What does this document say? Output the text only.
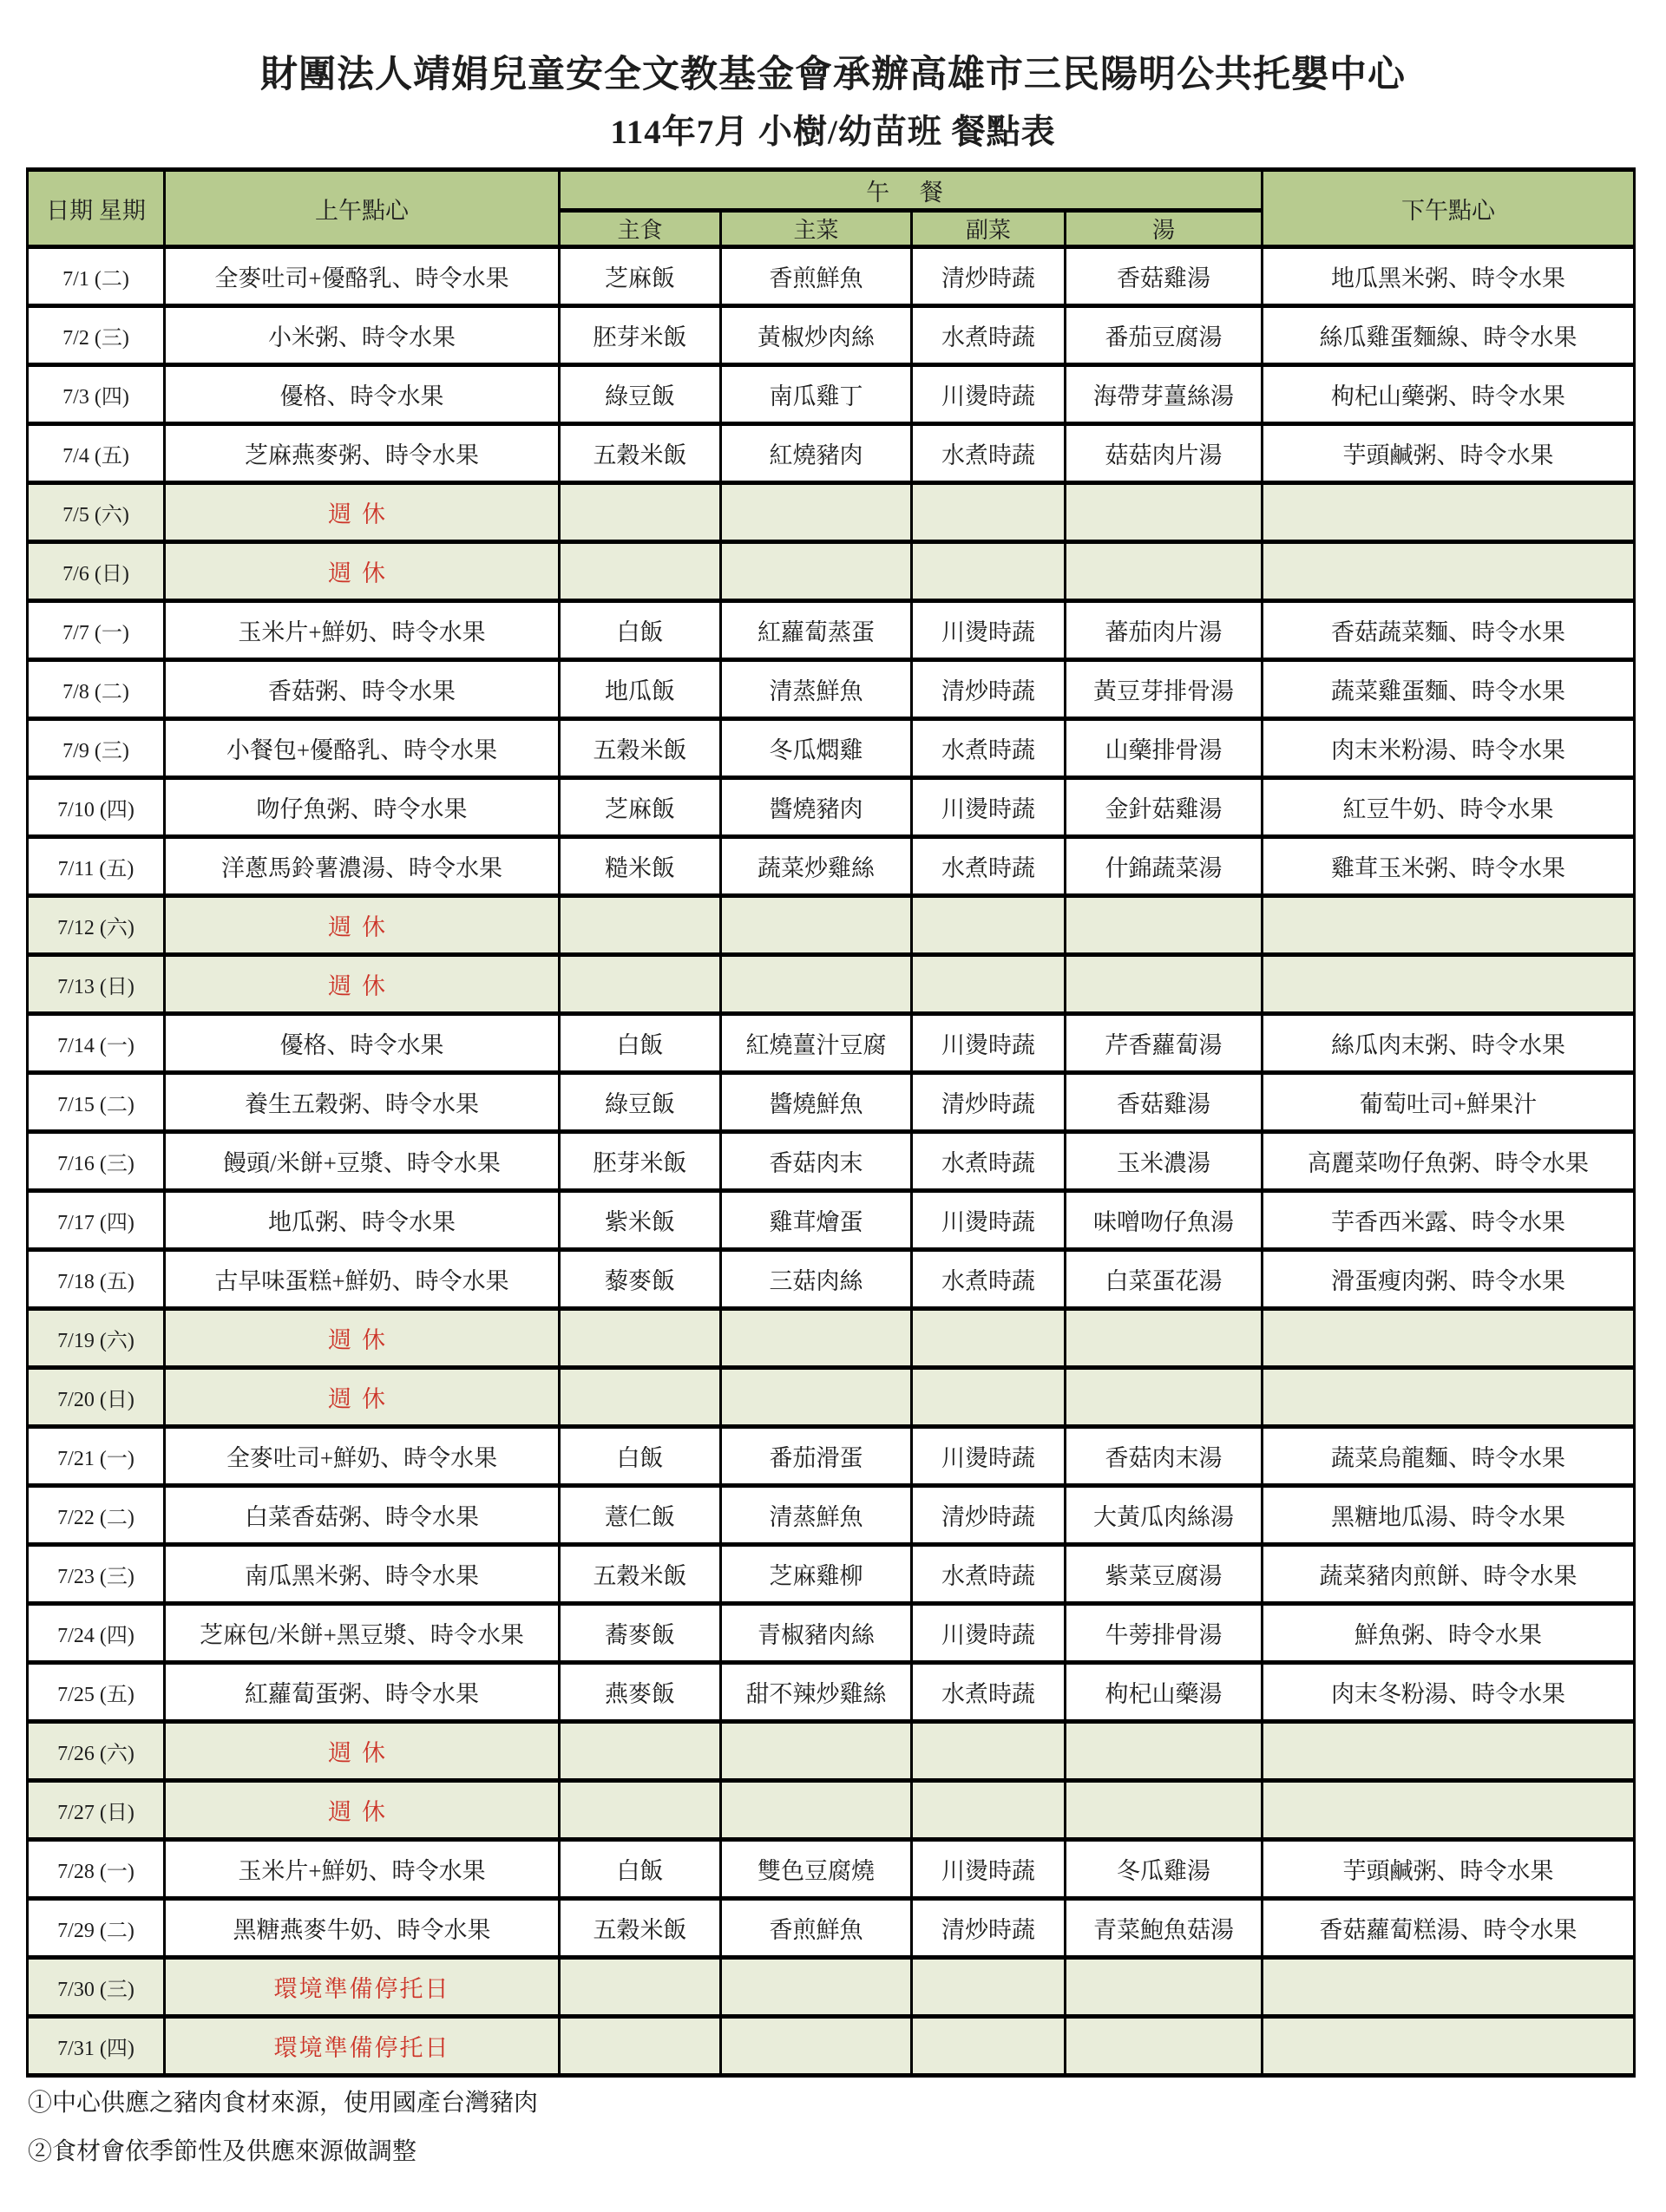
財團法人靖娟兒童安全文教基金會承辦高雄市三民陽明公共托嬰中心
114年7月 小樹/幼苗班 餐點表
日期 星期	上午點心	午 餐				下午點心
		主食	主菜	副菜	湯	
7/1 (二)	全麥吐司+優酪乳、時令水果	芝麻飯	香煎鮮魚	清炒時蔬	香菇雞湯	地瓜黑米粥、時令水果
7/2 (三)	小米粥、時令水果	胚芽米飯	黃椒炒肉絲	水煮時蔬	番茄豆腐湯	絲瓜雞蛋麵線、時令水果
7/3 (四)	優格、時令水果	綠豆飯	南瓜雞丁	川燙時蔬	海帶芽薑絲湯	枸杞山藥粥、時令水果
7/4 (五)	芝麻燕麥粥、時令水果	五穀米飯	紅燒豬肉	水煮時蔬	菇菇肉片湯	芋頭鹹粥、時令水果
7/5 (六)	週休					
7/6 (日)	週休					
7/7 (一)	玉米片+鮮奶、時令水果	白飯	紅蘿蔔蒸蛋	川燙時蔬	蕃茄肉片湯	香菇蔬菜麵、時令水果
7/8 (二)	香菇粥、時令水果	地瓜飯	清蒸鮮魚	清炒時蔬	黃豆芽排骨湯	蔬菜雞蛋麵、時令水果
7/9 (三)	小餐包+優酪乳、時令水果	五穀米飯	冬瓜燜雞	水煮時蔬	山藥排骨湯	肉末米粉湯、時令水果
7/10 (四)	吻仔魚粥、時令水果	芝麻飯	醬燒豬肉	川燙時蔬	金針菇雞湯	紅豆牛奶、時令水果
7/11 (五)	洋蔥馬鈴薯濃湯、時令水果	糙米飯	蔬菜炒雞絲	水煮時蔬	什錦蔬菜湯	雞茸玉米粥、時令水果
7/12 (六)	週休					
7/13 (日)	週休					
7/14 (一)	優格、時令水果	白飯	紅燒薑汁豆腐	川燙時蔬	芹香蘿蔔湯	絲瓜肉末粥、時令水果
7/15 (二)	養生五穀粥、時令水果	綠豆飯	醬燒鮮魚	清炒時蔬	香菇雞湯	葡萄吐司+鮮果汁
7/16 (三)	饅頭/米餅+豆漿、時令水果	胚芽米飯	香菇肉末	水煮時蔬	玉米濃湯	高麗菜吻仔魚粥、時令水果
7/17 (四)	地瓜粥、時令水果	紫米飯	雞茸燴蛋	川燙時蔬	味噌吻仔魚湯	芋香西米露、時令水果
7/18 (五)	古早味蛋糕+鮮奶、時令水果	藜麥飯	三菇肉絲	水煮時蔬	白菜蛋花湯	滑蛋瘦肉粥、時令水果
7/19 (六)	週休					
7/20 (日)	週休					
7/21 (一)	全麥吐司+鮮奶、時令水果	白飯	番茄滑蛋	川燙時蔬	香菇肉末湯	蔬菜烏龍麵、時令水果
7/22 (二)	白菜香菇粥、時令水果	薏仁飯	清蒸鮮魚	清炒時蔬	大黃瓜肉絲湯	黑糖地瓜湯、時令水果
7/23 (三)	南瓜黑米粥、時令水果	五穀米飯	芝麻雞柳	水煮時蔬	紫菜豆腐湯	蔬菜豬肉煎餅、時令水果
7/24 (四)	芝麻包/米餅+黑豆漿、時令水果	蕎麥飯	青椒豬肉絲	川燙時蔬	牛蒡排骨湯	鮮魚粥、時令水果
7/25 (五)	紅蘿蔔蛋粥、時令水果	燕麥飯	甜不辣炒雞絲	水煮時蔬	枸杞山藥湯	肉末冬粉湯、時令水果
7/26 (六)	週休					
7/27 (日)	週休					
7/28 (一)	玉米片+鮮奶、時令水果	白飯	雙色豆腐燒	川燙時蔬	冬瓜雞湯	芋頭鹹粥、時令水果
7/29 (二)	黑糖燕麥牛奶、時令水果	五穀米飯	香煎鮮魚	清炒時蔬	青菜鮑魚菇湯	香菇蘿蔔糕湯、時令水果
7/30 (三)	環境準備停托日					
7/31 (四)	環境準備停托日					
①中心供應之豬肉食材來源，使用國產台灣豬肉
②食材會依季節性及供應來源做調整
